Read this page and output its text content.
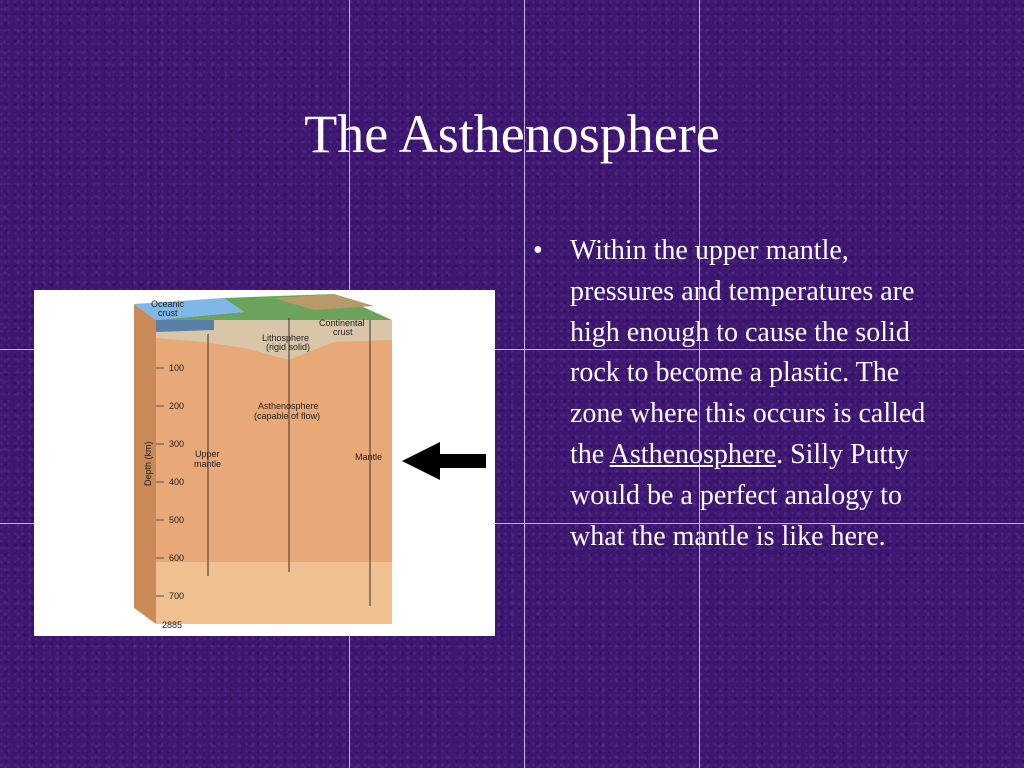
The Asthenosphere
Oceanic
crust
Continental
crust
Lithosphere
(rigid solid)
Asthenosphere
(capable of flow)
Upper
mantle
Mantle
Depth (km)
100
200
300
400
500
600
700
2885
• Within the upper mantle, pressures and temperatures are high enough to cause the solid rock to become a plastic. The zone where this occurs is called the Asthenosphere. Silly Putty would be a perfect analogy to what the mantle is like here.
